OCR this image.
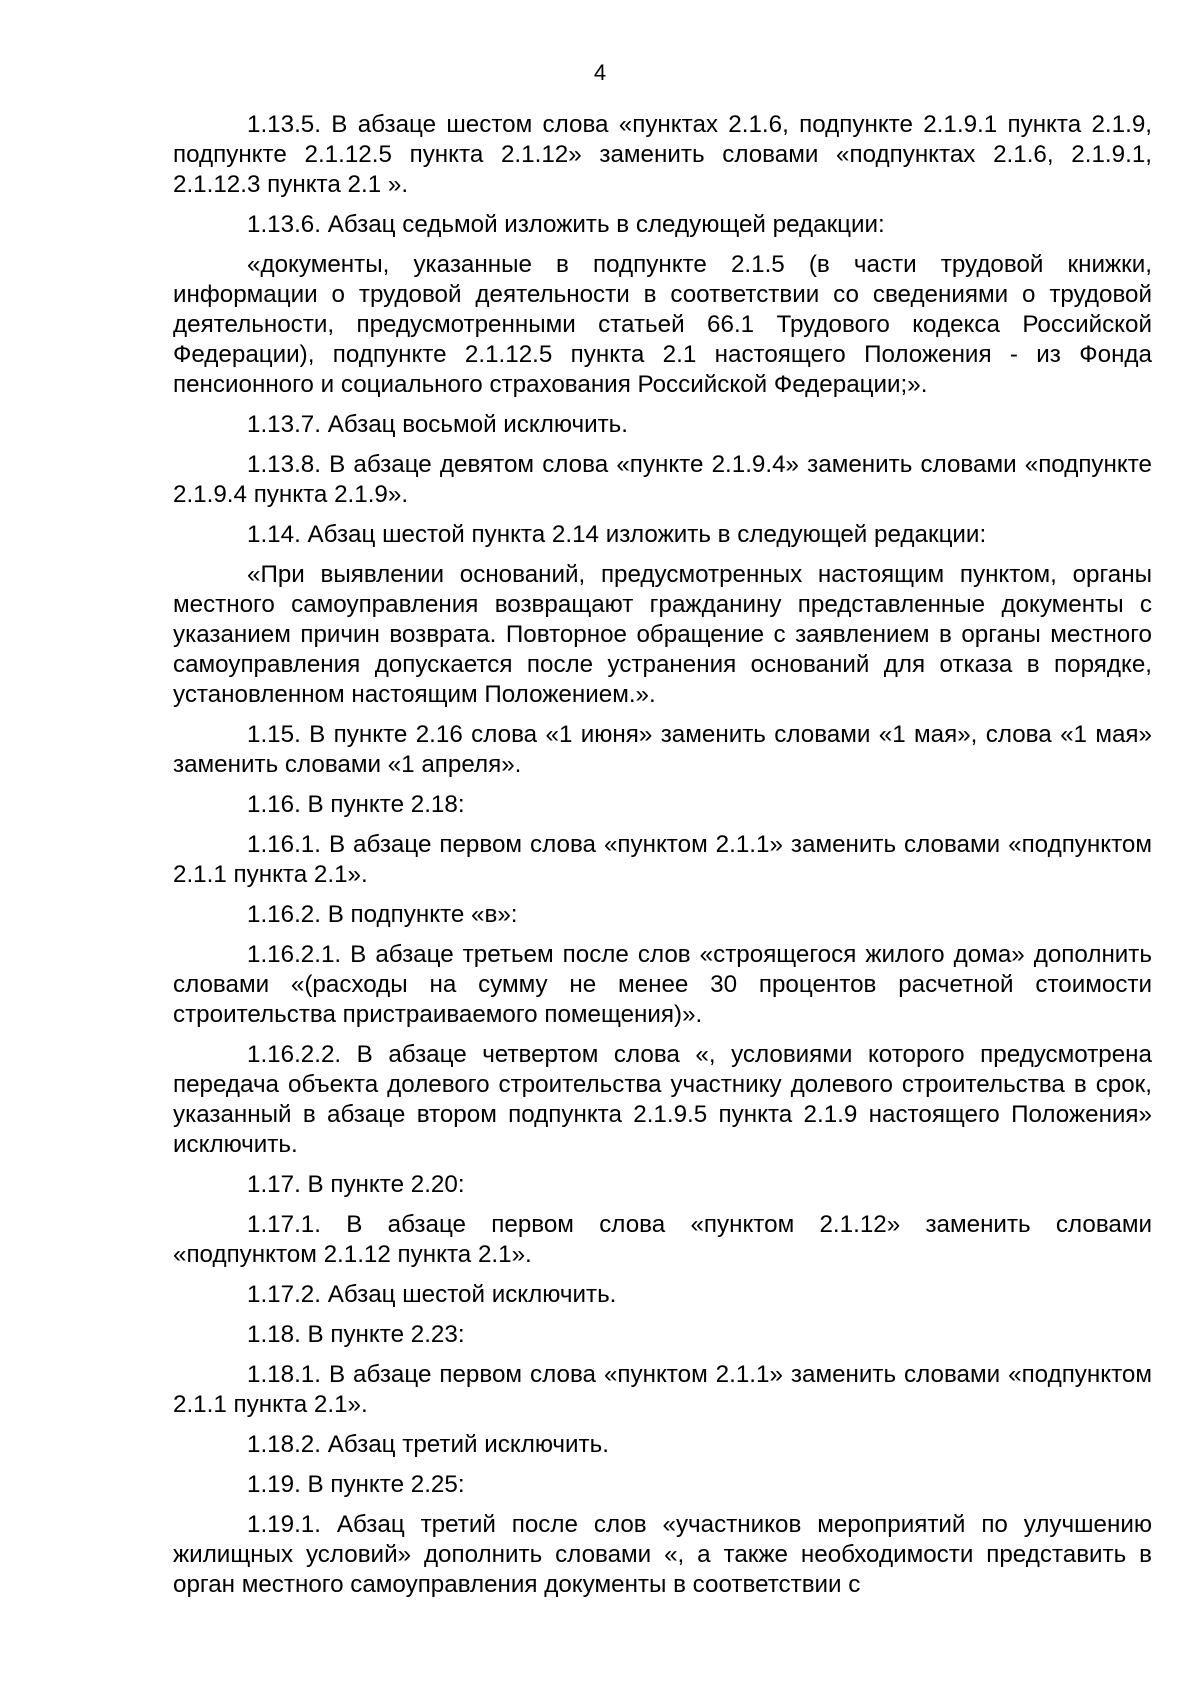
4

1.13.5. В абзаце шестом слова «пунктах 2.1.6, подпункте 2.1.9.1 пункта 2.1.9, подпункте 2.1.12.5 пункта 2.1.12» заменить словами «подпунктах 2.1.6, 2.1.9.1, 2.1.12.3 пункта 2.1 ».

1.13.6. Абзац седьмой изложить в следующей редакции:

«документы, указанные в подпункте 2.1.5 (в части трудовой книжки, информации о трудовой деятельности в соответствии со сведениями о трудовой деятельности, предусмотренными статьей 66.1 Трудового кодекса Российской Федерации), подпункте 2.1.12.5 пункта 2.1 настоящего Положения - из Фонда пенсионного и социального страхования Российской Федерации;».

1.13.7. Абзац восьмой исключить.

1.13.8. В абзаце девятом слова «пункте 2.1.9.4» заменить словами «подпункте 2.1.9.4 пункта 2.1.9».

1.14. Абзац шестой пункта 2.14 изложить в следующей редакции:

«При выявлении оснований, предусмотренных настоящим пунктом, органы местного самоуправления возвращают гражданину представленные документы с указанием причин возврата. Повторное обращение с заявлением в органы местного самоуправления допускается после устранения оснований для отказа в порядке, установленном настоящим Положением.».

1.15. В пункте 2.16 слова «1 июня» заменить словами «1 мая», слова «1 мая» заменить словами «1 апреля».

1.16. В пункте 2.18:

1.16.1. В абзаце первом слова «пунктом 2.1.1» заменить словами «подпунктом 2.1.1 пункта 2.1».

1.16.2. В подпункте «в»:

1.16.2.1. В абзаце третьем после слов «строящегося жилого дома» дополнить словами «(расходы на сумму не менее 30 процентов расчетной стоимости строительства пристраиваемого помещения)».

1.16.2.2. В абзаце четвертом слова «, условиями которого предусмотрена передача объекта долевого строительства участнику долевого строительства в срок, указанный в абзаце втором подпункта 2.1.9.5 пункта 2.1.9 настоящего Положения» исключить.

1.17. В пункте 2.20:

1.17.1. В абзаце первом слова «пунктом 2.1.12» заменить словами «подпунктом 2.1.12 пункта 2.1».

1.17.2. Абзац шестой исключить.

1.18. В пункте 2.23:

1.18.1. В абзаце первом слова «пунктом 2.1.1» заменить словами «подпунктом 2.1.1 пункта 2.1».

1.18.2. Абзац третий исключить.

1.19. В пункте 2.25:

1.19.1. Абзац третий после слов «участников мероприятий по улучшению жилищных условий» дополнить словами «, а также необходимости представить в орган местного самоуправления документы в соответствии с
